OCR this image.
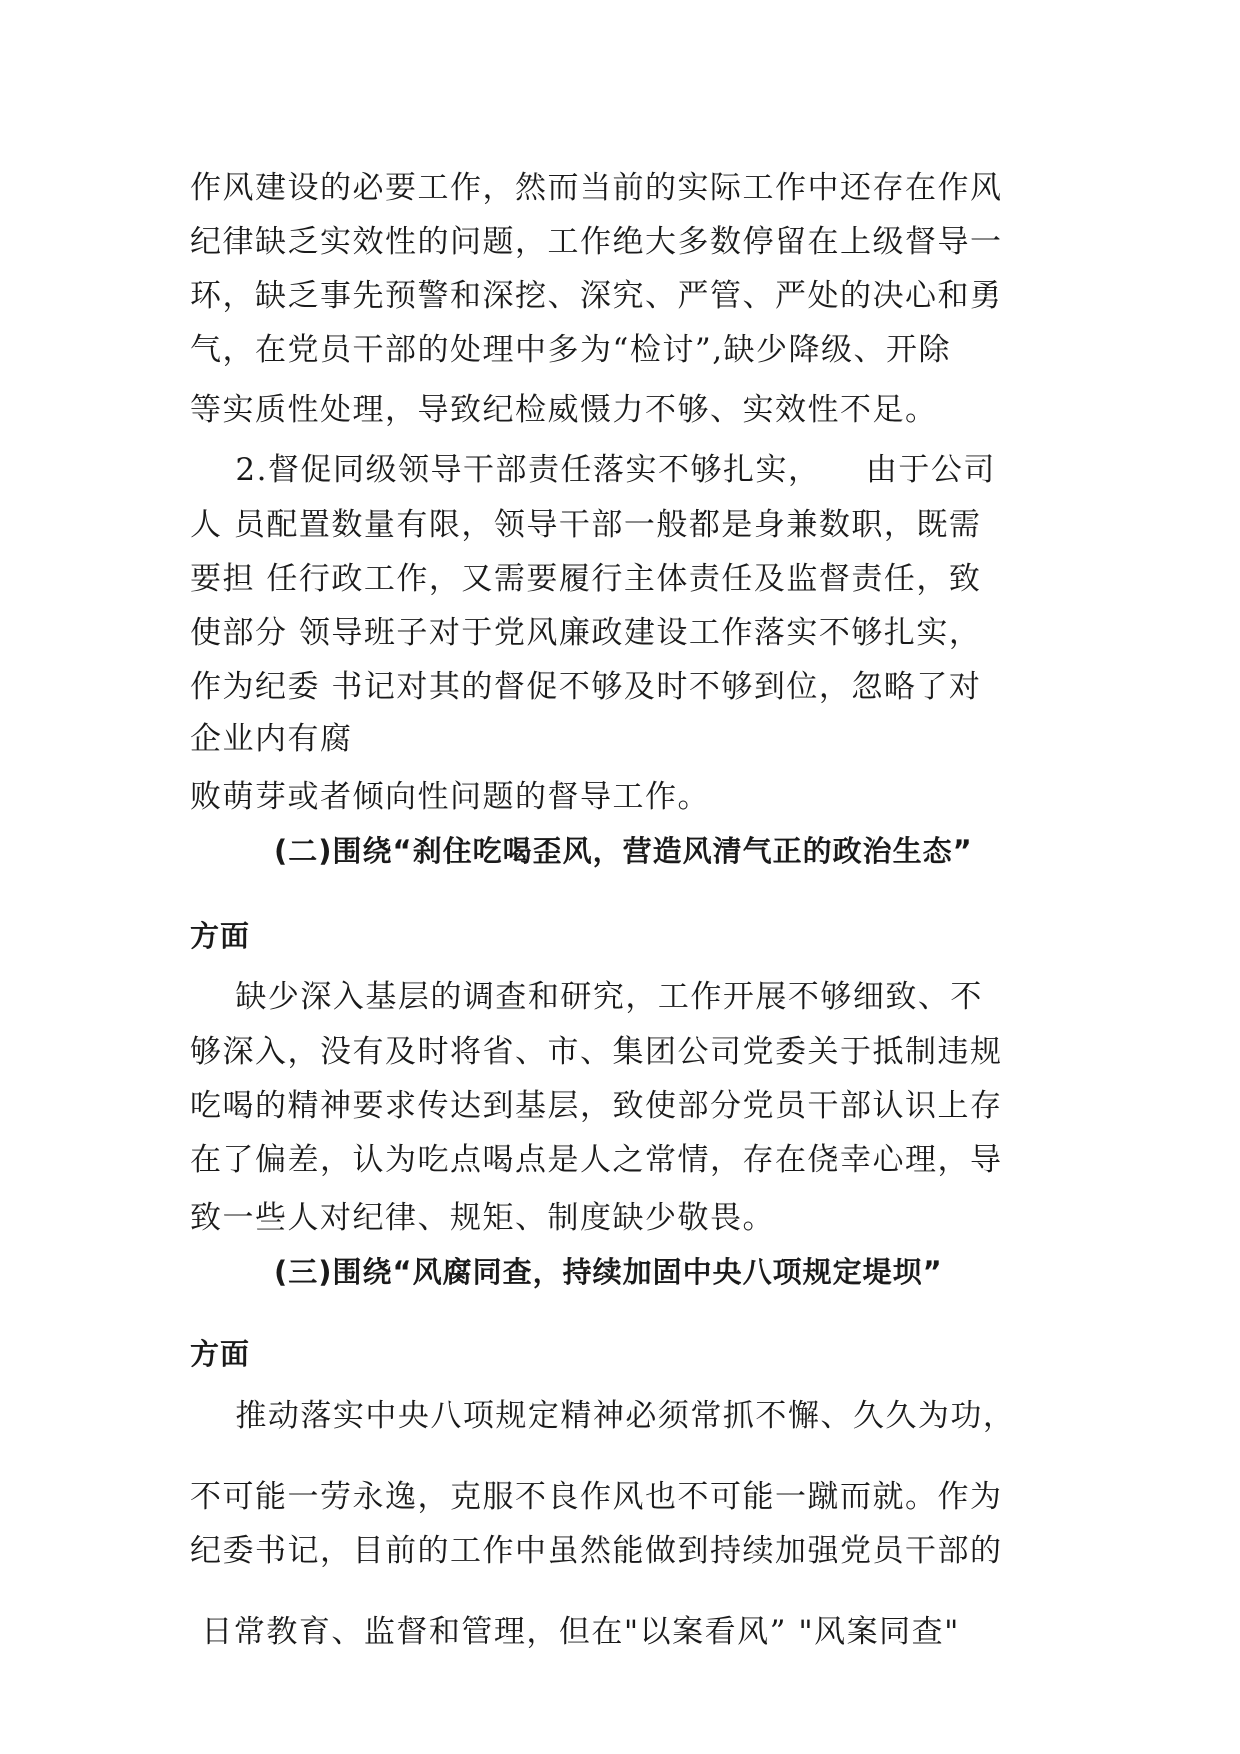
作风建设的必要工作，然而当前的实际工作中还存在作风

纪律缺乏实效性的问题，工作绝大多数停留在上级督导一

环，缺乏事先预警和深挖、深究、严管、严处的决心和勇

气，在党员干部的处理中多为“检讨”,缺少降级、开除

等实质性处理，导致纪检威慑力不够、实效性不足。

2.督促同级领导干部责任落实不够扎实，    由于公司

人 员配置数量有限，领导干部一般都是身兼数职，既需

要担 任行政工作，又需要履行主体责任及监督责任，致

使部分 领导班子对于党风廉政建设工作落实不够扎实，

作为纪委 书记对其的督促不够及时不够到位，忽略了对

企业内有腐

败萌芽或者倾向性问题的督导工作。

(二)围绕“刹住吃喝歪风，营造风清气正的政治生态”

方面

缺少深入基层的调查和研究，工作开展不够细致、不

够深入，没有及时将省、市、集团公司党委关于抵制违规

吃喝的精神要求传达到基层，致使部分党员干部认识上存

在了偏差，认为吃点喝点是人之常情，存在侥幸心理，导

致一些人对纪律、规矩、制度缺少敬畏。

(三)围绕“风腐同查，持续加固中央八项规定堤坝”

方面

推动落实中央八项规定精神必须常抓不懈、久久为功，

不可能一劳永逸，克服不良作风也不可能一蹴而就。作为

纪委书记，目前的工作中虽然能做到持续加强党员干部的

日常教育、监督和管理，但在"以案看风” "风案同查"
